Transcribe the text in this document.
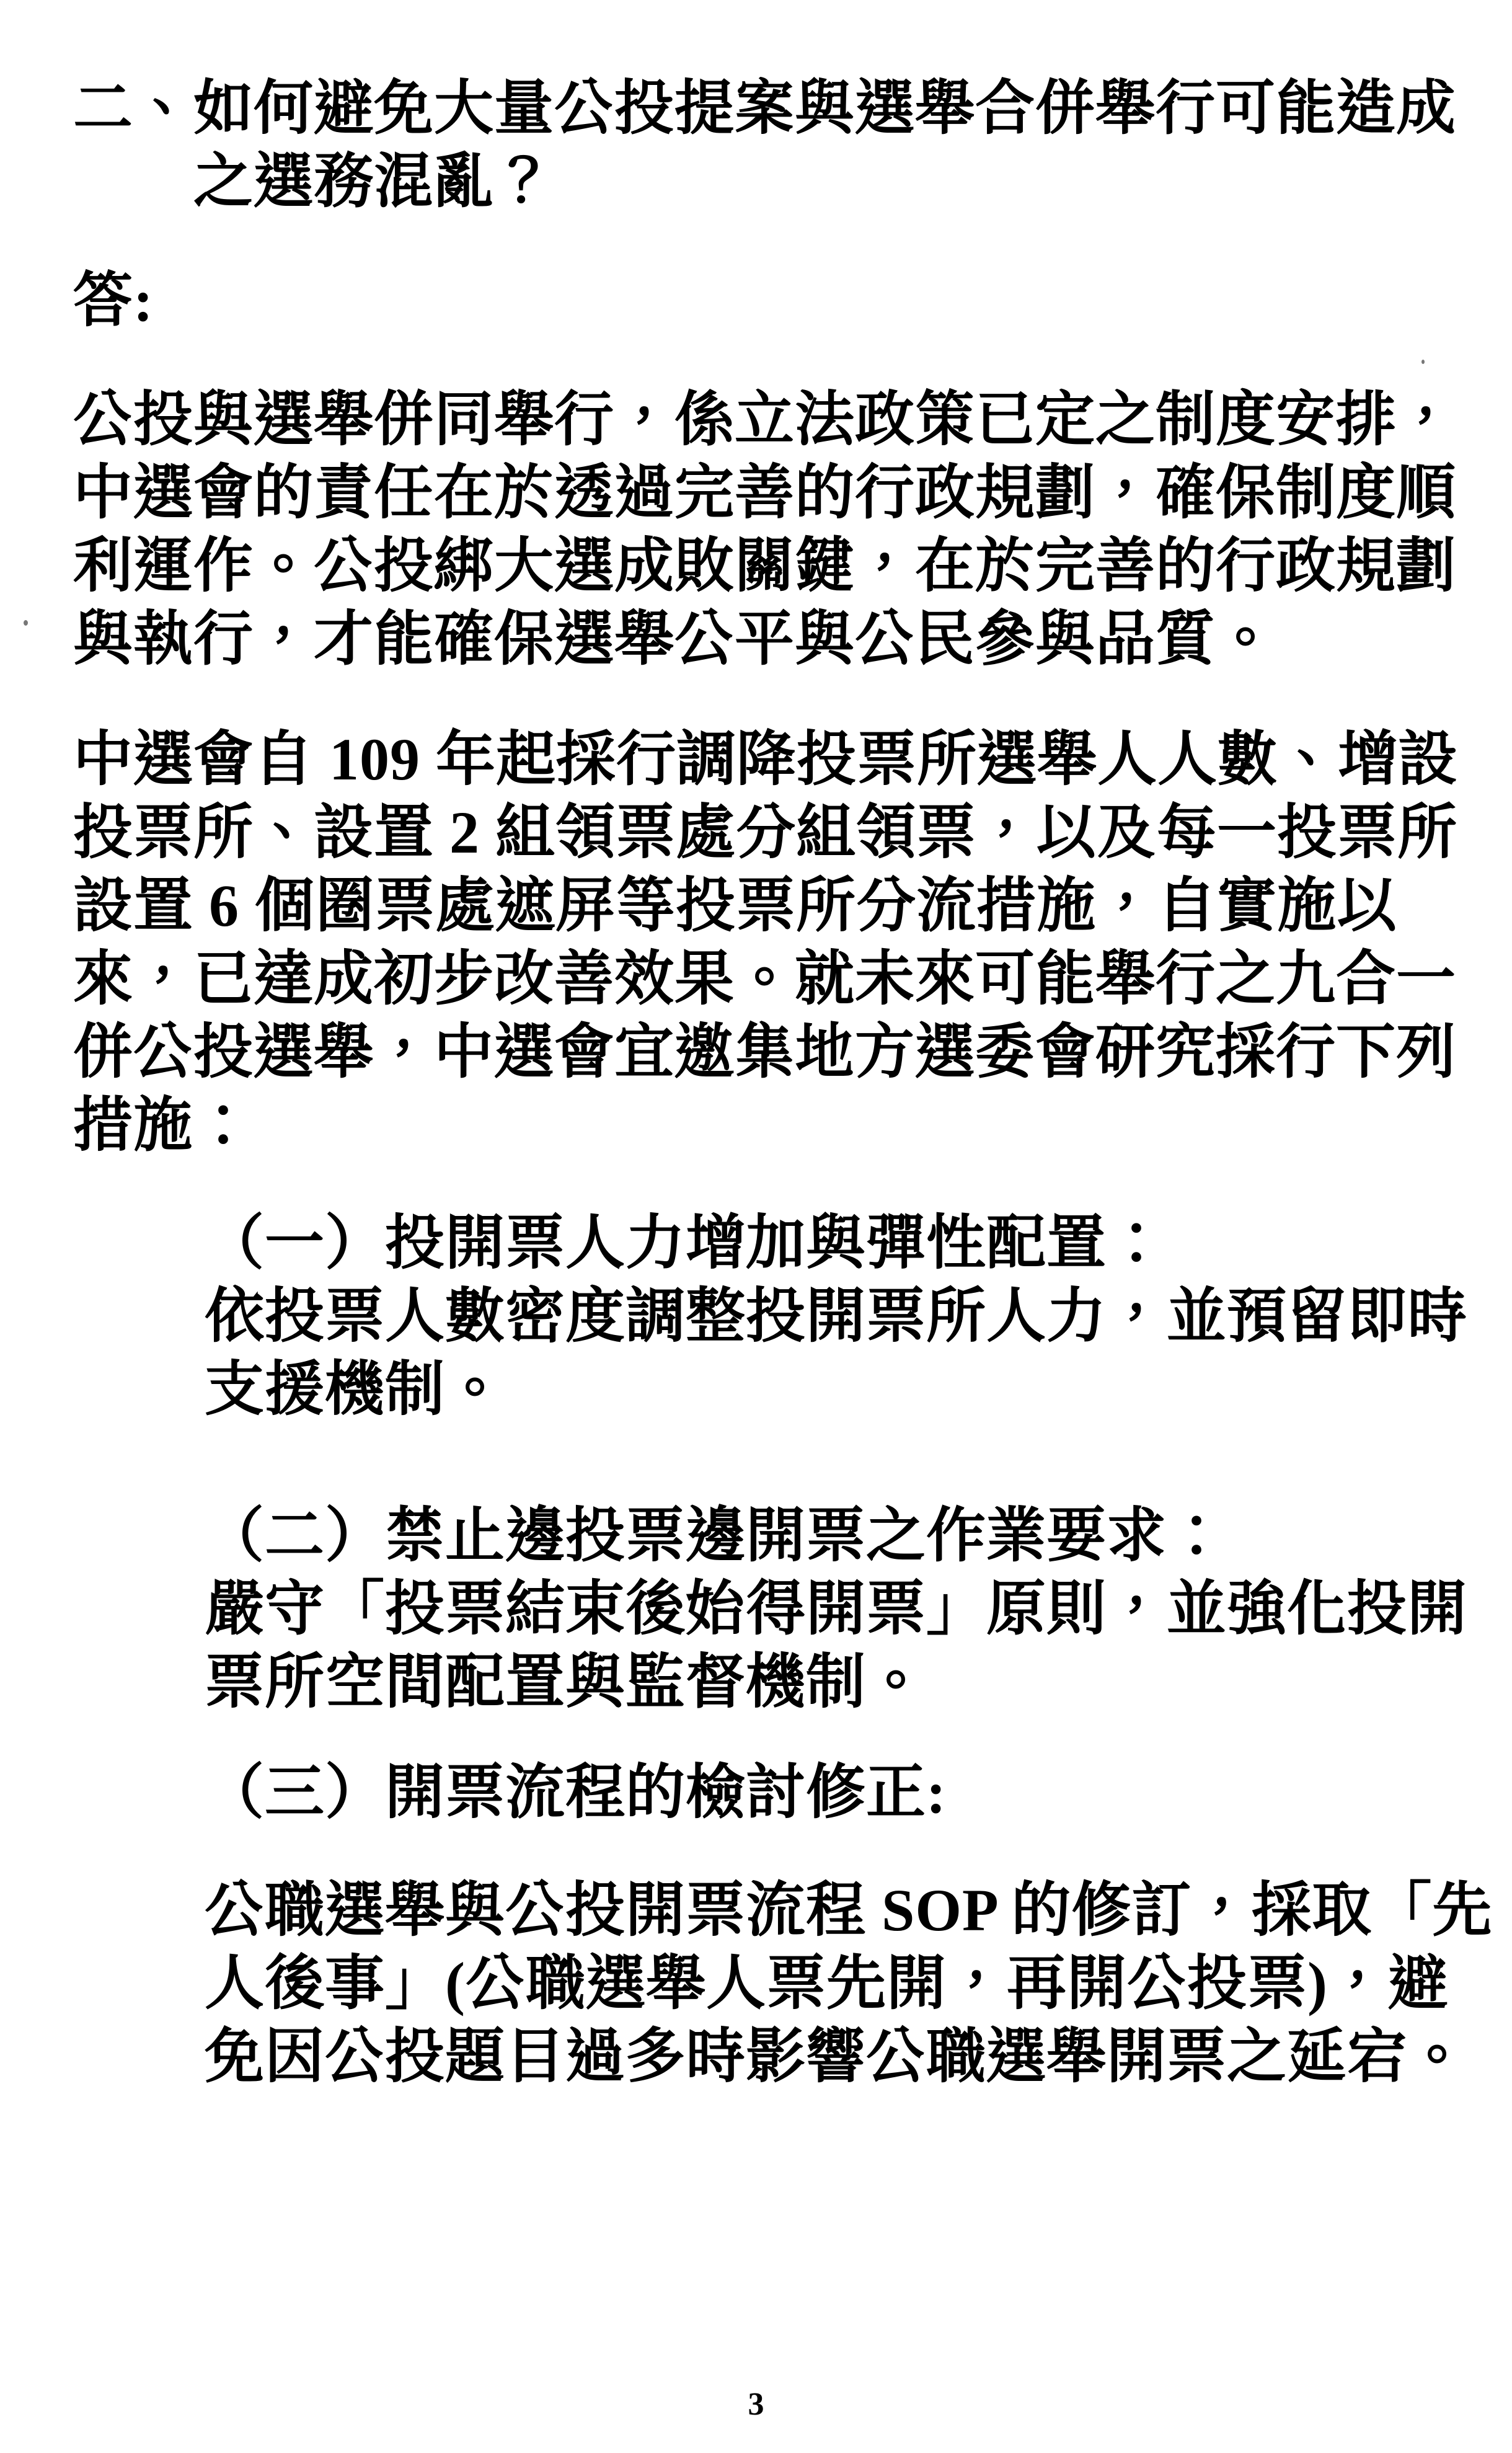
二、 如何避免大量公投提案與選舉合併舉行可能造成
之選務混亂？
答:
公投與選舉併同舉行，係立法政策已定之制度安排，
中選會的責任在於透過完善的行政規劃，確保制度順
利運作。公投綁大選成敗關鍵，在於完善的行政規劃
與執行，才能確保選舉公平與公民參與品質。
中選會自 109 年起採行調降投票所選舉人人數、增設
投票所、設置 2 組領票處分組領票，以及每一投票所
設置 6 個圈票處遮屏等投票所分流措施，自實施以
來，已達成初步改善效果。就未來可能舉行之九合一
併公投選舉，中選會宜邀集地方選委會研究採行下列
措施：
（一）投開票人力增加與彈性配置：
依投票人數密度調整投開票所人力，並預留即時
支援機制。
（二）禁止邊投票邊開票之作業要求：
嚴守「投票結束後始得開票」原則，並強化投開
票所空間配置與監督機制。
（三）開票流程的檢討修正:
公職選舉與公投開票流程 SOP 的修訂，採取「先
人後事」(公職選舉人票先開，再開公投票)，避
免因公投題目過多時影響公職選舉開票之延宕。
3
